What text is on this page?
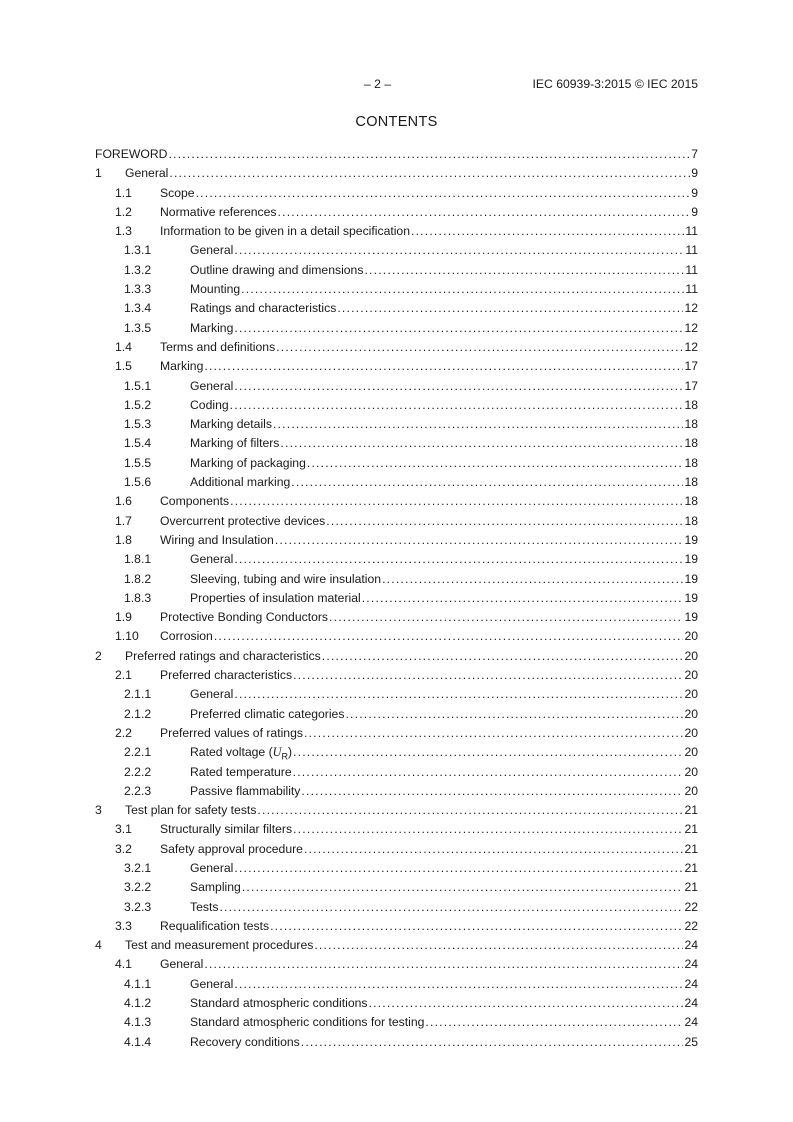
– 2 –	IEC 60939-3:2015 © IEC 2015
CONTENTS
FOREWORD .....	7
1 General .....	9
1.1 Scope .....	9
1.2 Normative references .....	9
1.3 Information to be given in a detail specification .....	11
1.3.1	General .....	11
1.3.2	Outline drawing and dimensions .....	11
1.3.3	Mounting .....	11
1.3.4	Ratings and characteristics .....	12
1.3.5	Marking .....	12
1.4 Terms and definitions .....	12
1.5 Marking .....	17
1.5.1	General .....	17
1.5.2	Coding .....	18
1.5.3	Marking details .....	18
1.5.4	Marking of filters .....	18
1.5.5	Marking of packaging .....	18
1.5.6	Additional marking .....	18
1.6 Components .....	18
1.7 Overcurrent protective devices .....	18
1.8 Wiring and Insulation .....	19
1.8.1	General .....	19
1.8.2	Sleeving, tubing and wire insulation .....	19
1.8.3	Properties of insulation material .....	19
1.9 Protective Bonding Conductors .....	19
1.10 Corrosion .....	20
2 Preferred ratings and characteristics .....	20
2.1 Preferred characteristics .....	20
2.1.1	General .....	20
2.1.2	Preferred climatic categories .....	20
2.2 Preferred values of ratings .....	20
2.2.1	Rated voltage $(U_R)$ .....	20
2.2.2	Rated temperature .....	20
2.2.3	Passive flammability .....	20
3 Test plan for safety tests .....	21
3.1 Structurally similar filters .....	21
3.2 Safety approval procedure .....	21
3.2.1	General .....	21
3.2.2	Sampling .....	21
3.2.3	Tests .....	22
3.3 Requalification tests .....	22
4 Test and measurement procedures .....	24
4.1 General .....	24
4.1.1	General .....	24
4.1.2	Standard atmospheric conditions .....	24
4.1.3	Standard atmospheric conditions for testing .....	24
4.1.4	Recovery conditions .....	25
